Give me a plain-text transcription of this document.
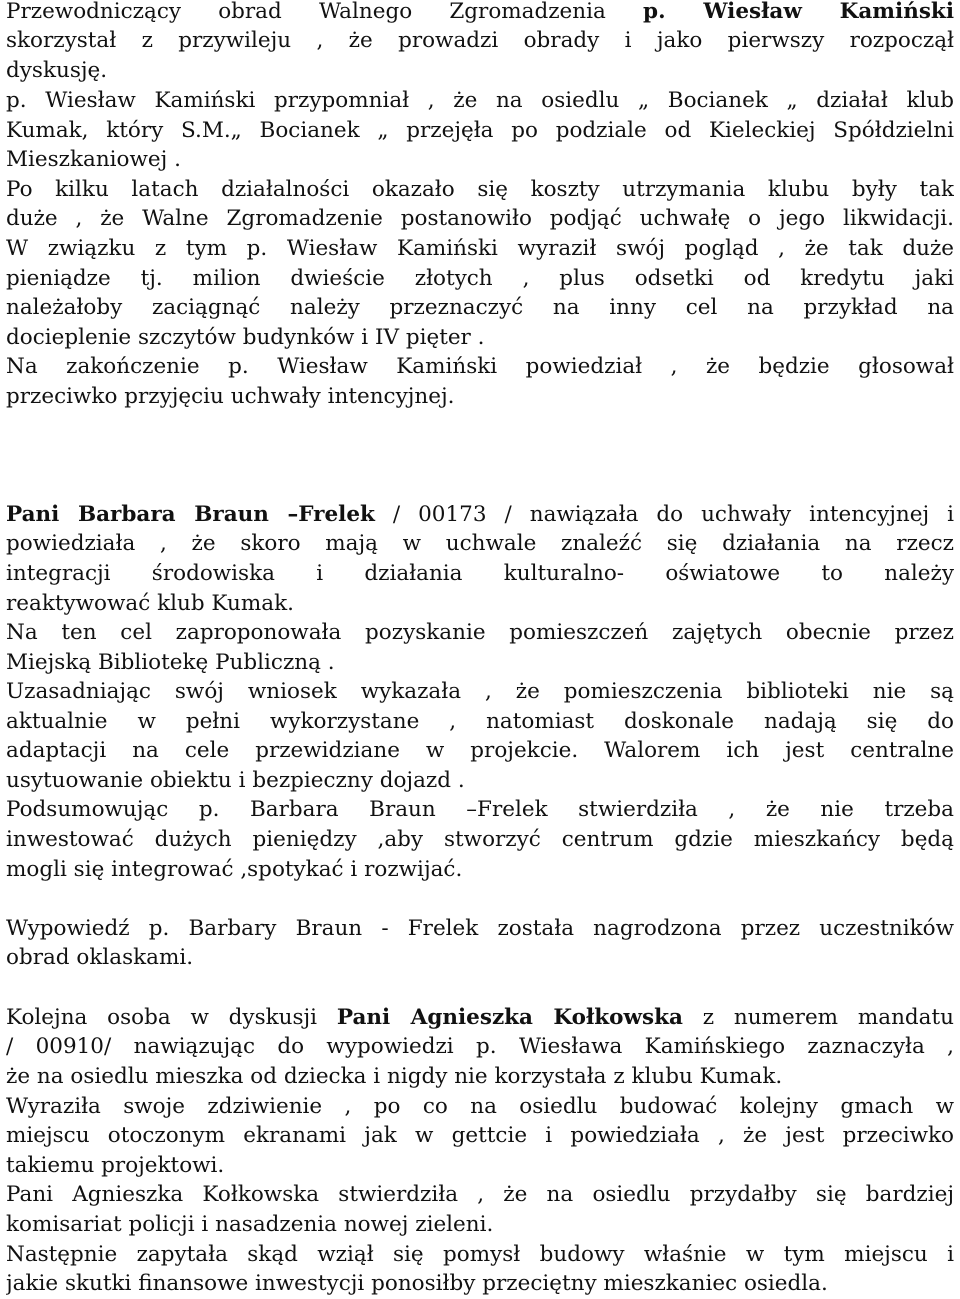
Przewodniczący obrad Walnego Zgromadzenia p. Wiesław Kamiński
skorzystał z przywileju , że prowadzi obrady i jako pierwszy rozpoczął
dyskusję.
p. Wiesław Kamiński przypomniał , że na osiedlu „ Bocianek „ działał klub
Kumak, który S.M.„ Bocianek „ przejęła po podziale od Kieleckiej Spółdzielni
Mieszkaniowej .
Po kilku latach działalności okazało się koszty utrzymania klubu były tak
duże , że Walne Zgromadzenie postanowiło podjąć uchwałę o jego likwidacji.
W związku z tym p. Wiesław Kamiński wyraził swój pogląd , że tak duże
pieniądze tj. milion dwieście złotych , plus odsetki od kredytu jaki
należałoby zaciągnąć należy przeznaczyć na inny cel na przykład na
docieplenie szczytów budynków i IV pięter .
Na zakończenie p. Wiesław Kamiński powiedział , że będzie głosował
przeciwko przyjęciu uchwały intencyjnej.
Pani Barbara Braun –Frelek / 00173 / nawiązała do uchwały intencyjnej i
powiedziała , że skoro mają w uchwale znaleźć się działania na rzecz
integracji środowiska i działania kulturalno- oświatowe to należy
reaktywować klub Kumak.
Na ten cel zaproponowała pozyskanie pomieszczeń zajętych obecnie przez
Miejską Bibliotekę Publiczną .
Uzasadniając swój wniosek wykazała , że pomieszczenia biblioteki nie są
aktualnie w pełni wykorzystane , natomiast doskonale nadają się do
adaptacji na cele przewidziane w projekcie. Walorem ich jest centralne
usytuowanie obiektu i bezpieczny dojazd .
Podsumowując p. Barbara Braun –Frelek stwierdziła , że nie trzeba
inwestować dużych pieniędzy ,aby stworzyć centrum gdzie mieszkańcy będą
mogli się integrować ,spotykać i rozwijać.
Wypowiedź p. Barbary Braun - Frelek została nagrodzona przez uczestników
obrad oklaskami.
Kolejna osoba w dyskusji Pani Agnieszka Kołkowska z numerem mandatu
/ 00910/ nawiązując do wypowiedzi p. Wiesława Kamińskiego zaznaczyła ,
że na osiedlu mieszka od dziecka i nigdy nie korzystała z klubu Kumak.
Wyraziła swoje zdziwienie , po co na osiedlu budować kolejny gmach w
miejscu otoczonym ekranami jak w gettcie i powiedziała , że jest przeciwko
takiemu projektowi.
Pani Agnieszka Kołkowska stwierdziła , że na osiedlu przydałby się bardziej
komisariat policji i nasadzenia nowej zieleni.
Następnie zapytała skąd wziął się pomysł budowy właśnie w tym miejscu i
jakie skutki finansowe inwestycji ponosiłby przeciętny mieszkaniec osiedla.
